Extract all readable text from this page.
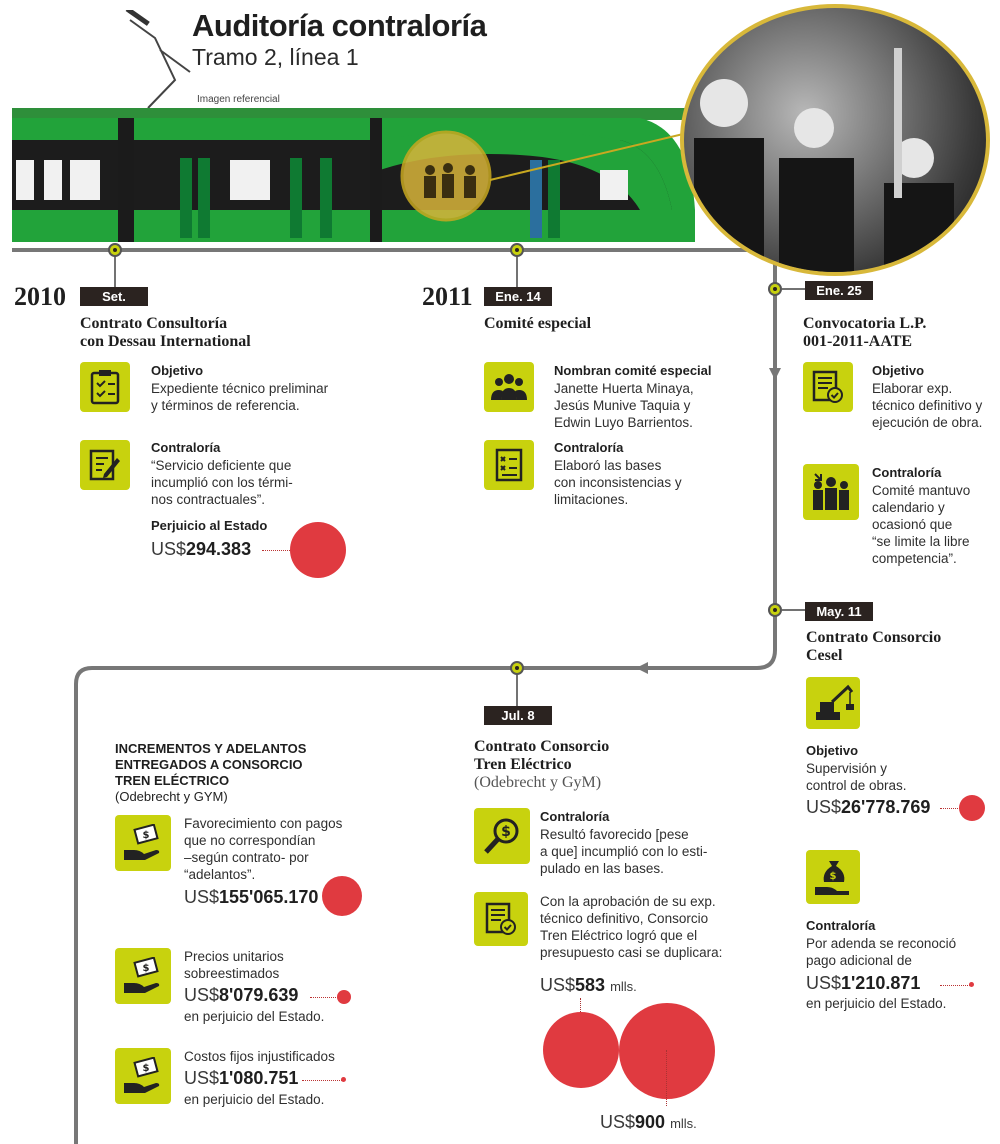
Auditoría contraloría
Tramo 2, línea 1
Imagen referencial
2010	Set.
Contrato Consultoría
con Dessau International
Objetivo
Expediente técnico preliminar
y términos de referencia.
Contraloría
“Servicio deficiente que
incumplió con los térmi-
nos contractuales”.
Perjuicio al Estado
US$294.383
2011	Ene. 14
Comité especial
Nombran comité especial
Janette Huerta Minaya,
Jesús Munive Taquia y
Edwin Luyo Barrientos.
Contraloría
Elaboró las bases
con inconsistencias y
limitaciones.
Ene. 25
Convocatoria L.P.
001-2011-AATE
Objetivo
Elaborar exp.
técnico definitivo y
ejecución de obra.
Contraloría
Comité mantuvo
calendario y
ocasionó que
“se limite la libre
competencia”.
May. 11
Contrato Consorcio
Cesel
Objetivo
Supervisión y
control de obras.
US$26'778.769
$
Contraloría
Por adenda se reconoció
pago adicional de
US$1'210.871
en perjuicio del Estado.
Jul. 8
Contrato Consorcio
Tren Eléctrico
(Odebrecht y GyM)
$
Contraloría
Resultó favorecido [pese
a que] incumplió con lo esti-
pulado en las bases.
Con la aprobación de su exp.
técnico definitivo, Consorcio
Tren Eléctrico logró que el
presupuesto casi se duplicara:
US$583 mlls.
US$900 mlls.
INCREMENTOS Y ADELANTOS
ENTREGADOS A CONSORCIO
TREN ELÉCTRICO
(Odebrecht y GYM)
$
Favorecimiento con pagos
que no correspondían
–según contrato- por
“adelantos”.
US$155'065.170
$
Precios unitarios
sobreestimados
US$8'079.639
en perjuicio del Estado.
$
Costos fijos injustificados
US$1'080.751
en perjuicio del Estado.
